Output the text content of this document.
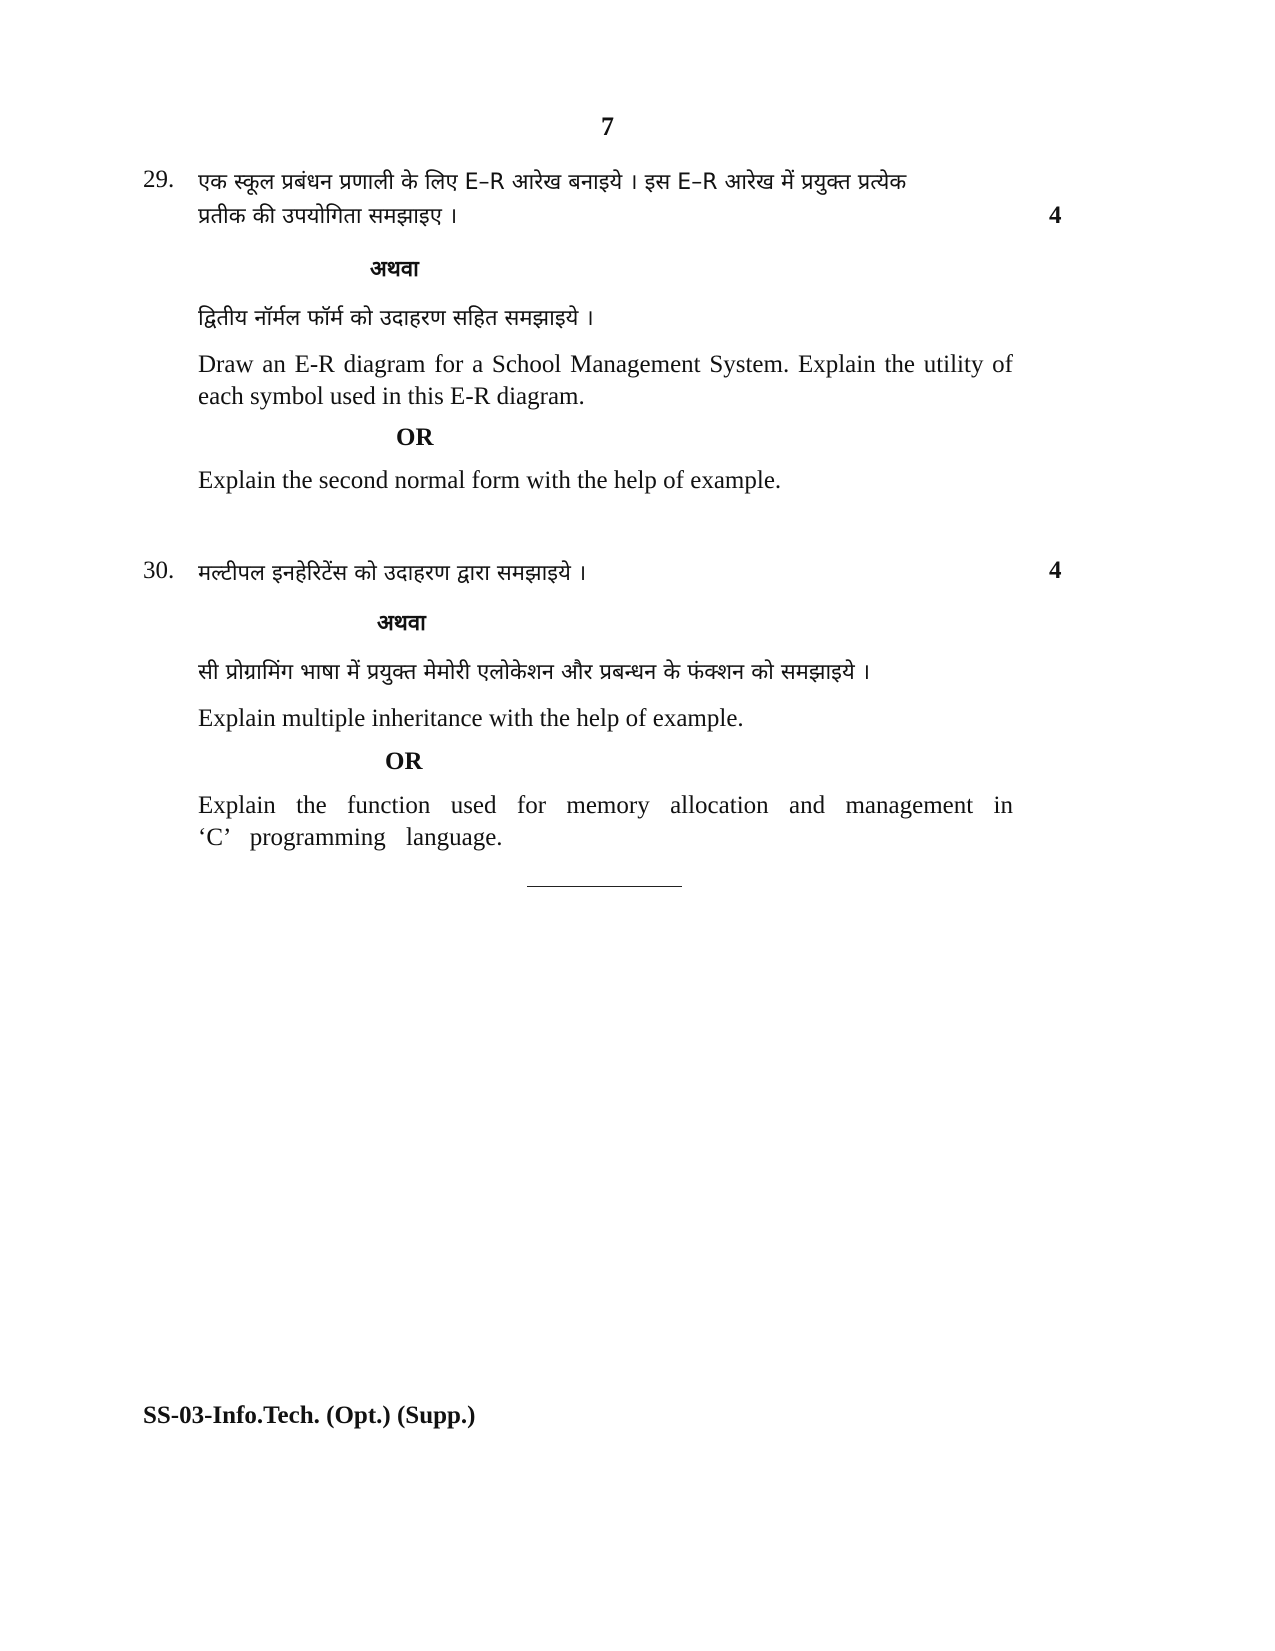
7
29. एक स्कूल प्रबंधन प्रणाली के लिए E–R आरेख बनाइये । इस E–R आरेख में प्रयुक्त प्रत्येक
प्रतीक की उपयोगिता समझाइए ।	4
अथवा
द्वितीय नॉर्मल फॉर्म को उदाहरण सहित समझाइये ।
Draw an E-R diagram for a School Management System. Explain the utility of each symbol used in this E-R diagram.
OR
Explain the second normal form with the help of example.
30. मल्टीपल इनहेरिटेंस को उदाहरण द्वारा समझाइये ।	4
अथवा
सी प्रोग्रामिंग भाषा में प्रयुक्त मेमोरी एलोकेशन और प्रबन्धन के फंक्शन को समझाइये ।
Explain multiple inheritance with the help of example.
OR
Explain the function used for memory allocation and management in ‘C’ programming language.
SS-03-Info.Tech. (Opt.) (Supp.)
